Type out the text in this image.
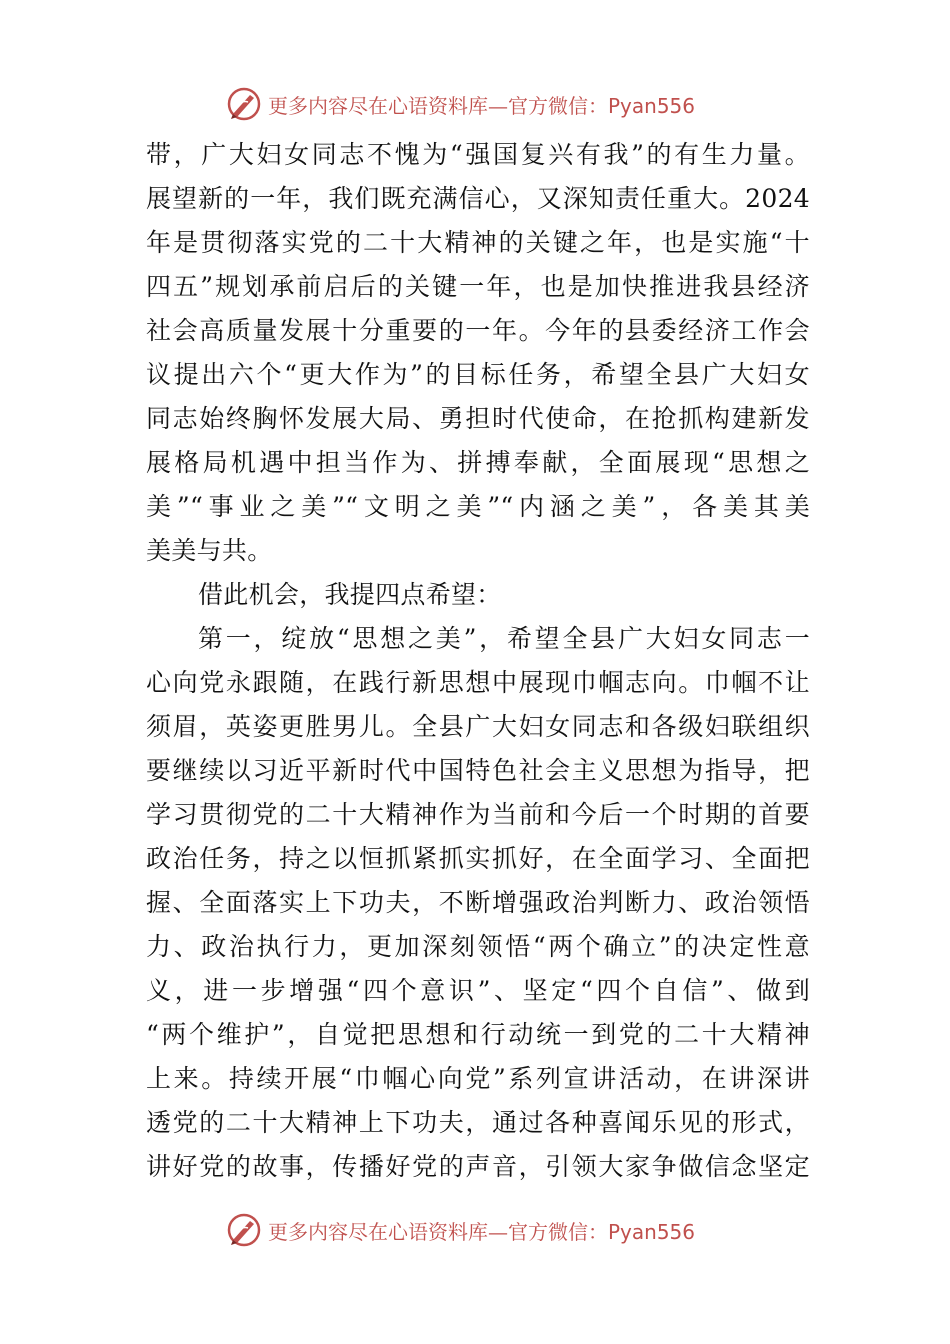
更多内容尽在心语资料库—官方微信：Pyan556
带，广大妇女同志不愧为“强国复兴有我”的有生力量。
展望新的一年，我们既充满信心，又深知责任重大。2024
年是贯彻落实党的二十大精神的关键之年，也是实施“十
四五”规划承前启后的关键一年，也是加快推进我县经济
社会高质量发展十分重要的一年。今年的县委经济工作会
议提出六个“更大作为”的目标任务，希望全县广大妇女
同志始终胸怀发展大局、勇担时代使命，在抢抓构建新发
展格局机遇中担当作为、拼搏奉献，全面展现“思想之
美”“事业之美”“文明之美”“内涵之美”，各美其美
美美与共。
借此机会，我提四点希望：
第一，绽放“思想之美”，希望全县广大妇女同志一
心向党永跟随，在践行新思想中展现巾帼志向。巾帼不让
须眉，英姿更胜男儿。全县广大妇女同志和各级妇联组织
要继续以习近平新时代中国特色社会主义思想为指导，把
学习贯彻党的二十大精神作为当前和今后一个时期的首要
政治任务，持之以恒抓紧抓实抓好，在全面学习、全面把
握、全面落实上下功夫，不断增强政治判断力、政治领悟
力、政治执行力，更加深刻领悟“两个确立”的决定性意
义，进一步增强“四个意识”、坚定“四个自信”、做到
“两个维护”，自觉把思想和行动统一到党的二十大精神
上来。持续开展“巾帼心向党”系列宣讲活动，在讲深讲
透党的二十大精神上下功夫，通过各种喜闻乐见的形式，
讲好党的故事，传播好党的声音，引领大家争做信念坚定
更多内容尽在心语资料库—官方微信：Pyan556
